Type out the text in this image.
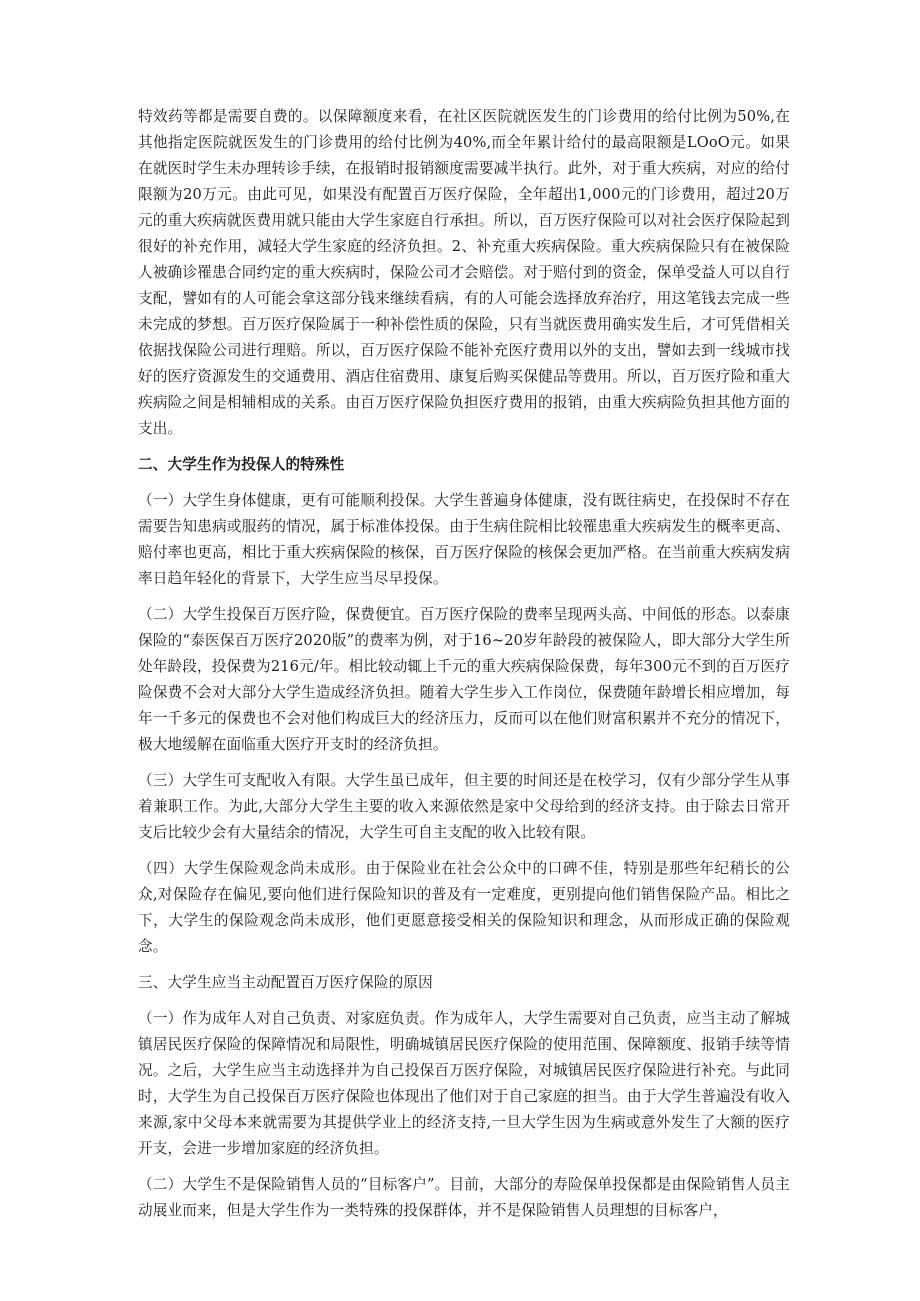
特效药等都是需要自费的。以保障额度来看，在社区医院就医发生的门诊费用的给付比例为50%,在其他指定医院就医发生的门诊费用的给付比例为40%,而全年累计给付的最高限额是LOoO元。如果在就医时学生未办理转诊手续，在报销时报销额度需要减半执行。此外，对于重大疾病，对应的给付限额为20万元。由此可见，如果没有配置百万医疗保险，全年超出1,000元的门诊费用，超过20万元的重大疾病就医费用就只能由大学生家庭自行承担。所以，百万医疗保险可以对社会医疗保险起到很好的补充作用，减轻大学生家庭的经济负担。2、补充重大疾病保险。重大疾病保险只有在被保险人被确诊罹患合同约定的重大疾病时，保险公司才会赔偿。对于赔付到的资金，保单受益人可以自行支配，譬如有的人可能会拿这部分钱来继续看病，有的人可能会选择放弃治疗，用这笔钱去完成一些未完成的梦想。百万医疗保险属于一种补偿性质的保险，只有当就医费用确实发生后，才可凭借相关依据找保险公司进行理赔。所以，百万医疗保险不能补充医疗费用以外的支出，譬如去到一线城市找好的医疗资源发生的交通费用、酒店住宿费用、康复后购买保健品等费用。所以，百万医疗险和重大疾病险之间是相辅相成的关系。由百万医疗保险负担医疗费用的报销，由重大疾病险负担其他方面的支出。

二、大学生作为投保人的特殊性

（一）大学生身体健康，更有可能顺利投保。大学生普遍身体健康，没有既往病史，在投保时不存在需要告知患病或服药的情况，属于标准体投保。由于生病住院相比较罹患重大疾病发生的概率更高、赔付率也更高，相比于重大疾病保险的核保，百万医疗保险的核保会更加严格。在当前重大疾病发病率日趋年轻化的背景下，大学生应当尽早投保。

（二）大学生投保百万医疗险，保费便宜。百万医疗保险的费率呈现两头高、中间低的形态。以泰康保险的“泰医保百万医疗2020版”的费率为例，对于16~20岁年龄段的被保险人，即大部分大学生所处年龄段，投保费为216元/年。相比较动辄上千元的重大疾病保险保费，每年300元不到的百万医疗险保费不会对大部分大学生造成经济负担。随着大学生步入工作岗位，保费随年龄增长相应增加，每年一千多元的保费也不会对他们构成巨大的经济压力，反而可以在他们财富积累并不充分的情况下，极大地缓解在面临重大医疗开支时的经济负担。

（三）大学生可支配收入有限。大学生虽已成年，但主要的时间还是在校学习，仅有少部分学生从事着兼职工作。为此,大部分大学生主要的收入来源依然是家中父母给到的经济支持。由于除去日常开支后比较少会有大量结余的情况，大学生可自主支配的收入比较有限。

（四）大学生保险观念尚未成形。由于保险业在社会公众中的口碑不佳，特别是那些年纪稍长的公众,对保险存在偏见,要向他们进行保险知识的普及有一定难度，更别提向他们销售保险产品。相比之下，大学生的保险观念尚未成形，他们更愿意接受相关的保险知识和理念，从而形成正确的保险观念。

三、大学生应当主动配置百万医疗保险的原因

（一）作为成年人对自己负责、对家庭负责。作为成年人，大学生需要对自己负责，应当主动了解城镇居民医疗保险的保障情况和局限性，明确城镇居民医疗保险的使用范围、保障额度、报销手续等情况。之后，大学生应当主动选择并为自己投保百万医疗保险，对城镇居民医疗保险进行补充。与此同时，大学生为自己投保百万医疗保险也体现出了他们对于自己家庭的担当。由于大学生普遍没有收入来源,家中父母本来就需要为其提供学业上的经济支持,一旦大学生因为生病或意外发生了大额的医疗开支，会进一步增加家庭的经济负担。

（二）大学生不是保险销售人员的“目标客户”。目前，大部分的寿险保单投保都是由保险销售人员主动展业而来，但是大学生作为一类特殊的投保群体，并不是保险销售人员理想的目标客户，
